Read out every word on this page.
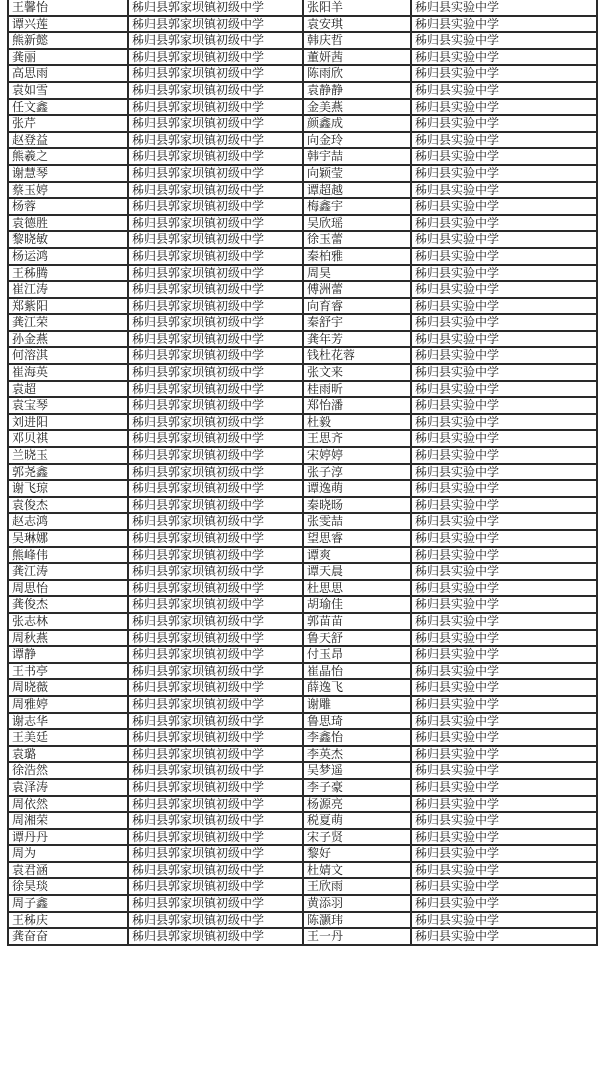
王馨怡	秭归县郭家坝镇初级中学	张阳羊	秭归县实验中学
谭兴莲	秭归县郭家坝镇初级中学	袁安琪	秭归县实验中学
熊新懿	秭归县郭家坝镇初级中学	韩庆哲	秭归县实验中学
龚丽	秭归县郭家坝镇初级中学	董妍茜	秭归县实验中学
高思雨	秭归县郭家坝镇初级中学	陈雨欣	秭归县实验中学
袁如雪	秭归县郭家坝镇初级中学	袁静静	秭归县实验中学
任文鑫	秭归县郭家坝镇初级中学	金美燕	秭归县实验中学
张芹	秭归县郭家坝镇初级中学	颜鑫成	秭归县实验中学
赵登益	秭归县郭家坝镇初级中学	向金玲	秭归县实验中学
熊羲之	秭归县郭家坝镇初级中学	韩宇喆	秭归县实验中学
谢慧琴	秭归县郭家坝镇初级中学	向颖莹	秭归县实验中学
蔡玉婷	秭归县郭家坝镇初级中学	谭超越	秭归县实验中学
杨蓉	秭归县郭家坝镇初级中学	梅鑫宇	秭归县实验中学
袁德胜	秭归县郭家坝镇初级中学	吴欣瑶	秭归县实验中学
黎晓敏	秭归县郭家坝镇初级中学	徐玉蕾	秭归县实验中学
杨运鸿	秭归县郭家坝镇初级中学	秦柏雅	秭归县实验中学
王秭腾	秭归县郭家坝镇初级中学	周昊	秭归县实验中学
崔江涛	秭归县郭家坝镇初级中学	傅洲蕾	秭归县实验中学
郑紫阳	秭归县郭家坝镇初级中学	向育睿	秭归县实验中学
龚江荣	秭归县郭家坝镇初级中学	秦舒宇	秭归县实验中学
孙金燕	秭归县郭家坝镇初级中学	龚年芳	秭归县实验中学
何溶淇	秭归县郭家坝镇初级中学	钱杜花蓉	秭归县实验中学
崔海英	秭归县郭家坝镇初级中学	张文来	秭归县实验中学
袁超	秭归县郭家坝镇初级中学	桂雨昕	秭归县实验中学
袁宝琴	秭归县郭家坝镇初级中学	郑怡潘	秭归县实验中学
刘进阳	秭归县郭家坝镇初级中学	杜毅	秭归县实验中学
邓贝祺	秭归县郭家坝镇初级中学	王思齐	秭归县实验中学
兰晓玉	秭归县郭家坝镇初级中学	宋婷婷	秭归县实验中学
郭尧鑫	秭归县郭家坝镇初级中学	张子淳	秭归县实验中学
谢飞琼	秭归县郭家坝镇初级中学	谭逸萌	秭归县实验中学
袁俊杰	秭归县郭家坝镇初级中学	秦晓旸	秭归县实验中学
赵志鸿	秭归县郭家坝镇初级中学	张雯喆	秭归县实验中学
吴琳娜	秭归县郭家坝镇初级中学	望思睿	秭归县实验中学
熊峰伟	秭归县郭家坝镇初级中学	谭爽	秭归县实验中学
龚江涛	秭归县郭家坝镇初级中学	谭天晨	秭归县实验中学
周思怡	秭归县郭家坝镇初级中学	杜思思	秭归县实验中学
龚俊杰	秭归县郭家坝镇初级中学	胡瑜佳	秭归县实验中学
张志林	秭归县郭家坝镇初级中学	郭苗苗	秭归县实验中学
周秋燕	秭归县郭家坝镇初级中学	鲁天舒	秭归县实验中学
谭静	秭归县郭家坝镇初级中学	付玉昂	秭归县实验中学
王书亭	秭归县郭家坝镇初级中学	崔晶怡	秭归县实验中学
周晓薇	秭归县郭家坝镇初级中学	薛逸飞	秭归县实验中学
周雅婷	秭归县郭家坝镇初级中学	谢雕	秭归县实验中学
谢志华	秭归县郭家坝镇初级中学	鲁思琦	秭归县实验中学
王美廷	秭归县郭家坝镇初级中学	李鑫怡	秭归县实验中学
袁璐	秭归县郭家坝镇初级中学	李英杰	秭归县实验中学
徐浩然	秭归县郭家坝镇初级中学	吴梦遥	秭归县实验中学
袁泽涛	秭归县郭家坝镇初级中学	李子豪	秭归县实验中学
周依然	秭归县郭家坝镇初级中学	杨源亮	秭归县实验中学
周湘荣	秭归县郭家坝镇初级中学	税夏萌	秭归县实验中学
谭丹丹	秭归县郭家坝镇初级中学	宋子贤	秭归县实验中学
周为	秭归县郭家坝镇初级中学	黎好	秭归县实验中学
袁君涵	秭归县郭家坝镇初级中学	杜婧文	秭归县实验中学
徐昊琰	秭归县郭家坝镇初级中学	王欣雨	秭归县实验中学
周子鑫	秭归县郭家坝镇初级中学	黄添羽	秭归县实验中学
王秭庆	秭归县郭家坝镇初级中学	陈灏玮	秭归县实验中学
龚奋奋	秭归县郭家坝镇初级中学	王一丹	秭归县实验中学
